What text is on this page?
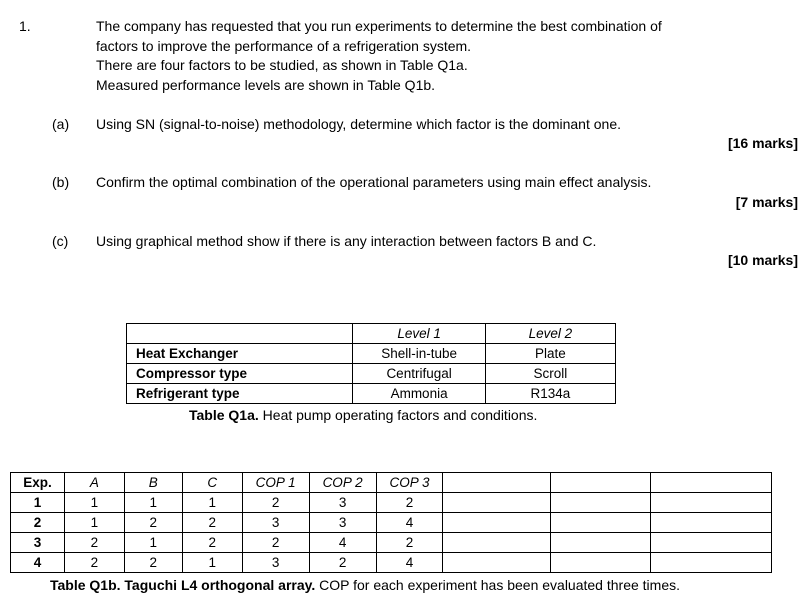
1.	The company has requested that you run experiments to determine the best combination of
factors to improve the performance of a refrigeration system.
There are four factors to be studied, as shown in Table Q1a.
Measured performance levels are shown in Table Q1b.
(a) Using SN (signal-to-noise) methodology, determine which factor is the dominant one.
[16 marks]
(b) Confirm the optimal combination of the operational parameters using main effect analysis.
[7 marks]
(c) Using graphical method show if there is any interaction between factors B and C.
[10 marks]
	Level 1	Level 2
Heat Exchanger	Shell-in-tube	Plate
Compressor type	Centrifugal	Scroll
Refrigerant type	Ammonia	R134a
Table Q1a. Heat pump operating factors and conditions.
Exp.	A	B	C	COP 1	COP 2	COP 3			
1	1	1	1	2	3	2			
2	1	2	2	3	3	4			
3	2	1	2	2	4	2			
4	2	2	1	3	2	4			
Table Q1b. Taguchi L4 orthogonal array. COP for each experiment has been evaluated three times.
